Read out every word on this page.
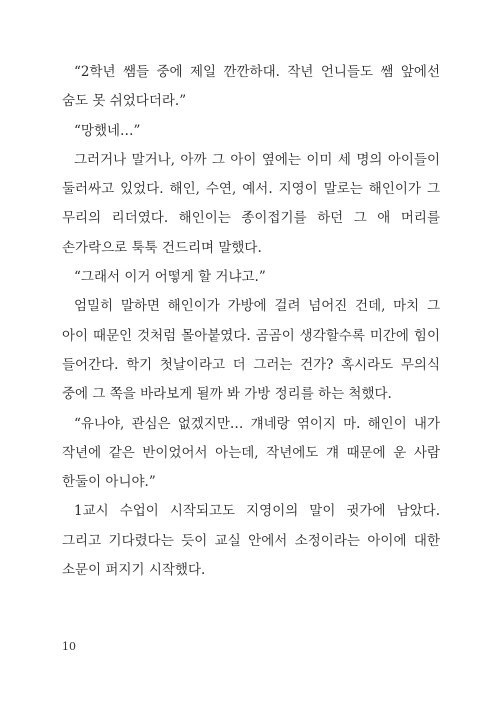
“2학년 쌤들 중에 제일 깐깐하대. 작년 언니들도 쌤 앞에선 숨도 못 쉬었다더라.”

“망했네…”

그러거나 말거나, 아까 그 아이 옆에는 이미 세 명의 아이들이 둘러싸고 있었다. 해인, 수연, 예서. 지영이 말로는 해인이가 그 무리의 리더였다. 해인이는 종이접기를 하던 그 애 머리를 손가락으로 툭툭 건드리며 말했다.

“그래서 이거 어떻게 할 거냐고.”

엄밀히 말하면 해인이가 가방에 걸려 넘어진 건데, 마치 그 아이 때문인 것처럼 몰아붙였다. 곰곰이 생각할수록 미간에 힘이 들어간다. 학기 첫날이라고 더 그러는 건가? 혹시라도 무의식 중에 그 쪽을 바라보게 될까 봐 가방 정리를 하는 척했다.

“유나야, 관심은 없겠지만… 걔네랑 엮이지 마. 해인이 내가 작년에 같은 반이었어서 아는데, 작년에도 걔 때문에 운 사람 한둘이 아니야.”

1교시 수업이 시작되고도 지영이의 말이 귓가에 남았다. 그리고 기다렸다는 듯이 교실 안에서 소정이라는 아이에 대한 소문이 퍼지기 시작했다.

10
